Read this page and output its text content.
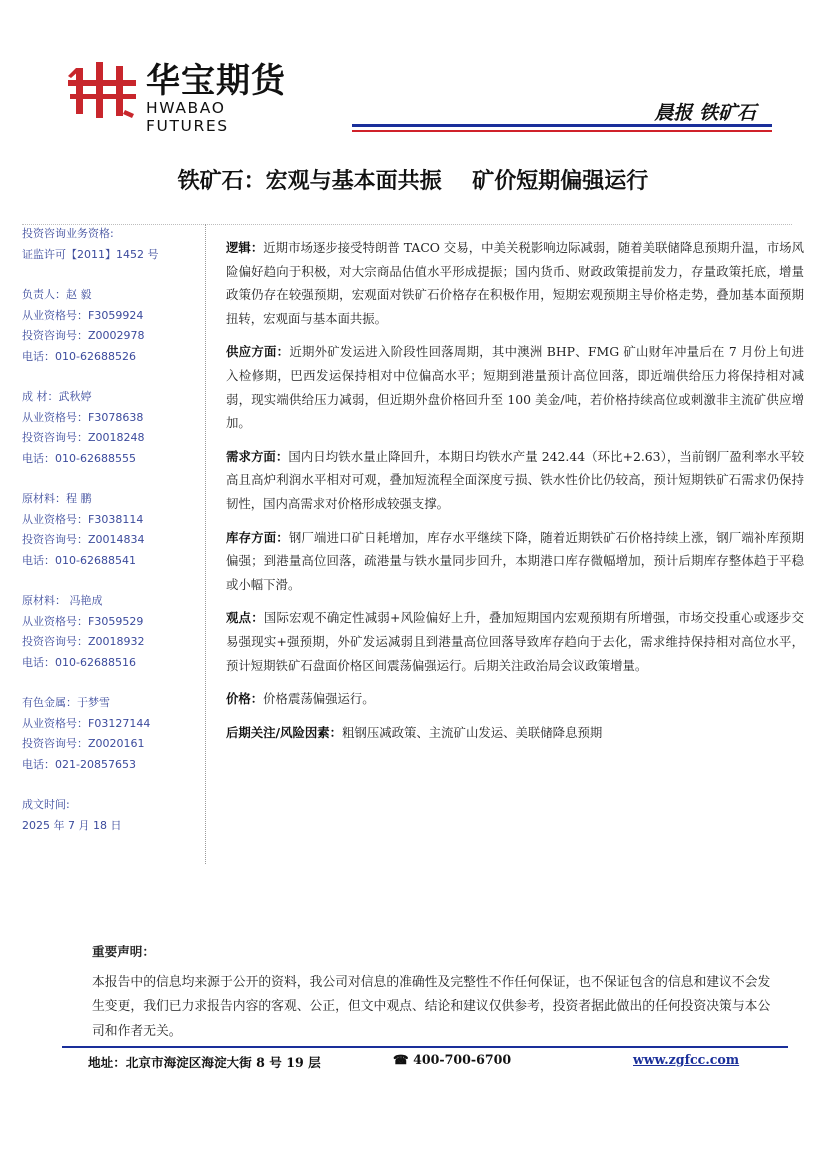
华宝期货
HWABAO FUTURES
晨报 铁矿石
铁矿石：宏观与基本面共振    矿价短期偏强运行
投资咨询业务资格:
证监许可【2011】1452 号
负责人：赵 毅
从业资格号：F3059924
投资咨询号：Z0002978
电话：010-62688526
成 材：武秋婷
从业资格号：F3078638
投资咨询号：Z0018248
电话：010-62688555
原材料：程 鹏
从业资格号：F3038114
投资咨询号：Z0014834
电话：010-62688541
原材料： 冯艳成
从业资格号：F3059529
投资咨询号：Z0018932
电话：010-62688516
有色金属：于梦雪
从业资格号：F03127144
投资咨询号：Z0020161
电话：021-20857653
成文时间:
2025 年 7 月 18 日

逻辑：近期市场逐步接受特朗普 TACO 交易，中美关税影响边际减弱，随着美联储降息预期升温，市场风险偏好趋向于积极，对大宗商品估值水平形成提振；国内货币、财政政策提前发力，存量政策托底，增量政策仍存在较强预期，宏观面对铁矿石价格存在积极作用，短期宏观预期主导价格走势，叠加基本面预期扭转，宏观面与基本面共振。

供应方面：近期外矿发运进入阶段性回落周期，其中澳洲 BHP、FMG 矿山财年冲量后在 7 月份上旬进入检修期，巴西发运保持相对中位偏高水平；短期到港量预计高位回落，即近端供给压力将保持相对减弱，现实端供给压力减弱，但近期外盘价格回升至 100 美金/吨，若价格持续高位或刺激非主流矿供应增加。

需求方面：国内日均铁水量止降回升，本期日均铁水产量 242.44（环比+2.63），当前钢厂盈利率水平较高且高炉利润水平相对可观，叠加短流程全面深度亏损、铁水性价比仍较高，预计短期铁矿石需求仍保持韧性，国内高需求对价格形成较强支撑。

库存方面：钢厂端进口矿日耗增加，库存水平继续下降，随着近期铁矿石价格持续上涨，钢厂端补库预期偏强；到港量高位回落，疏港量与铁水量同步回升，本期港口库存微幅增加，预计后期库存整体趋于平稳或小幅下滑。

观点：国际宏观不确定性减弱+风险偏好上升，叠加短期国内宏观预期有所增强，市场交投重心或逐步交易强现实+强预期，外矿发运减弱且到港量高位回落导致库存趋向于去化，需求维持保持相对高位水平，预计短期铁矿石盘面价格区间震荡偏强运行。后期关注政治局会议政策增量。

价格：价格震荡偏强运行。

后期关注/风险因素：粗钢压减政策、主流矿山发运、美联储降息预期

重要声明：
本报告中的信息均来源于公开的资料，我公司对信息的准确性及完整性不作任何保证，也不保证包含的信息和建议不会发生变更，我们已力求报告内容的客观、公正，但文中观点、结论和建议仅供参考，投资者据此做出的任何投资决策与本公司和作者无关。
地址：北京市海淀区海淀大街 8 号 19 层	☎ 400-700-6700	www.zgfcc.com
